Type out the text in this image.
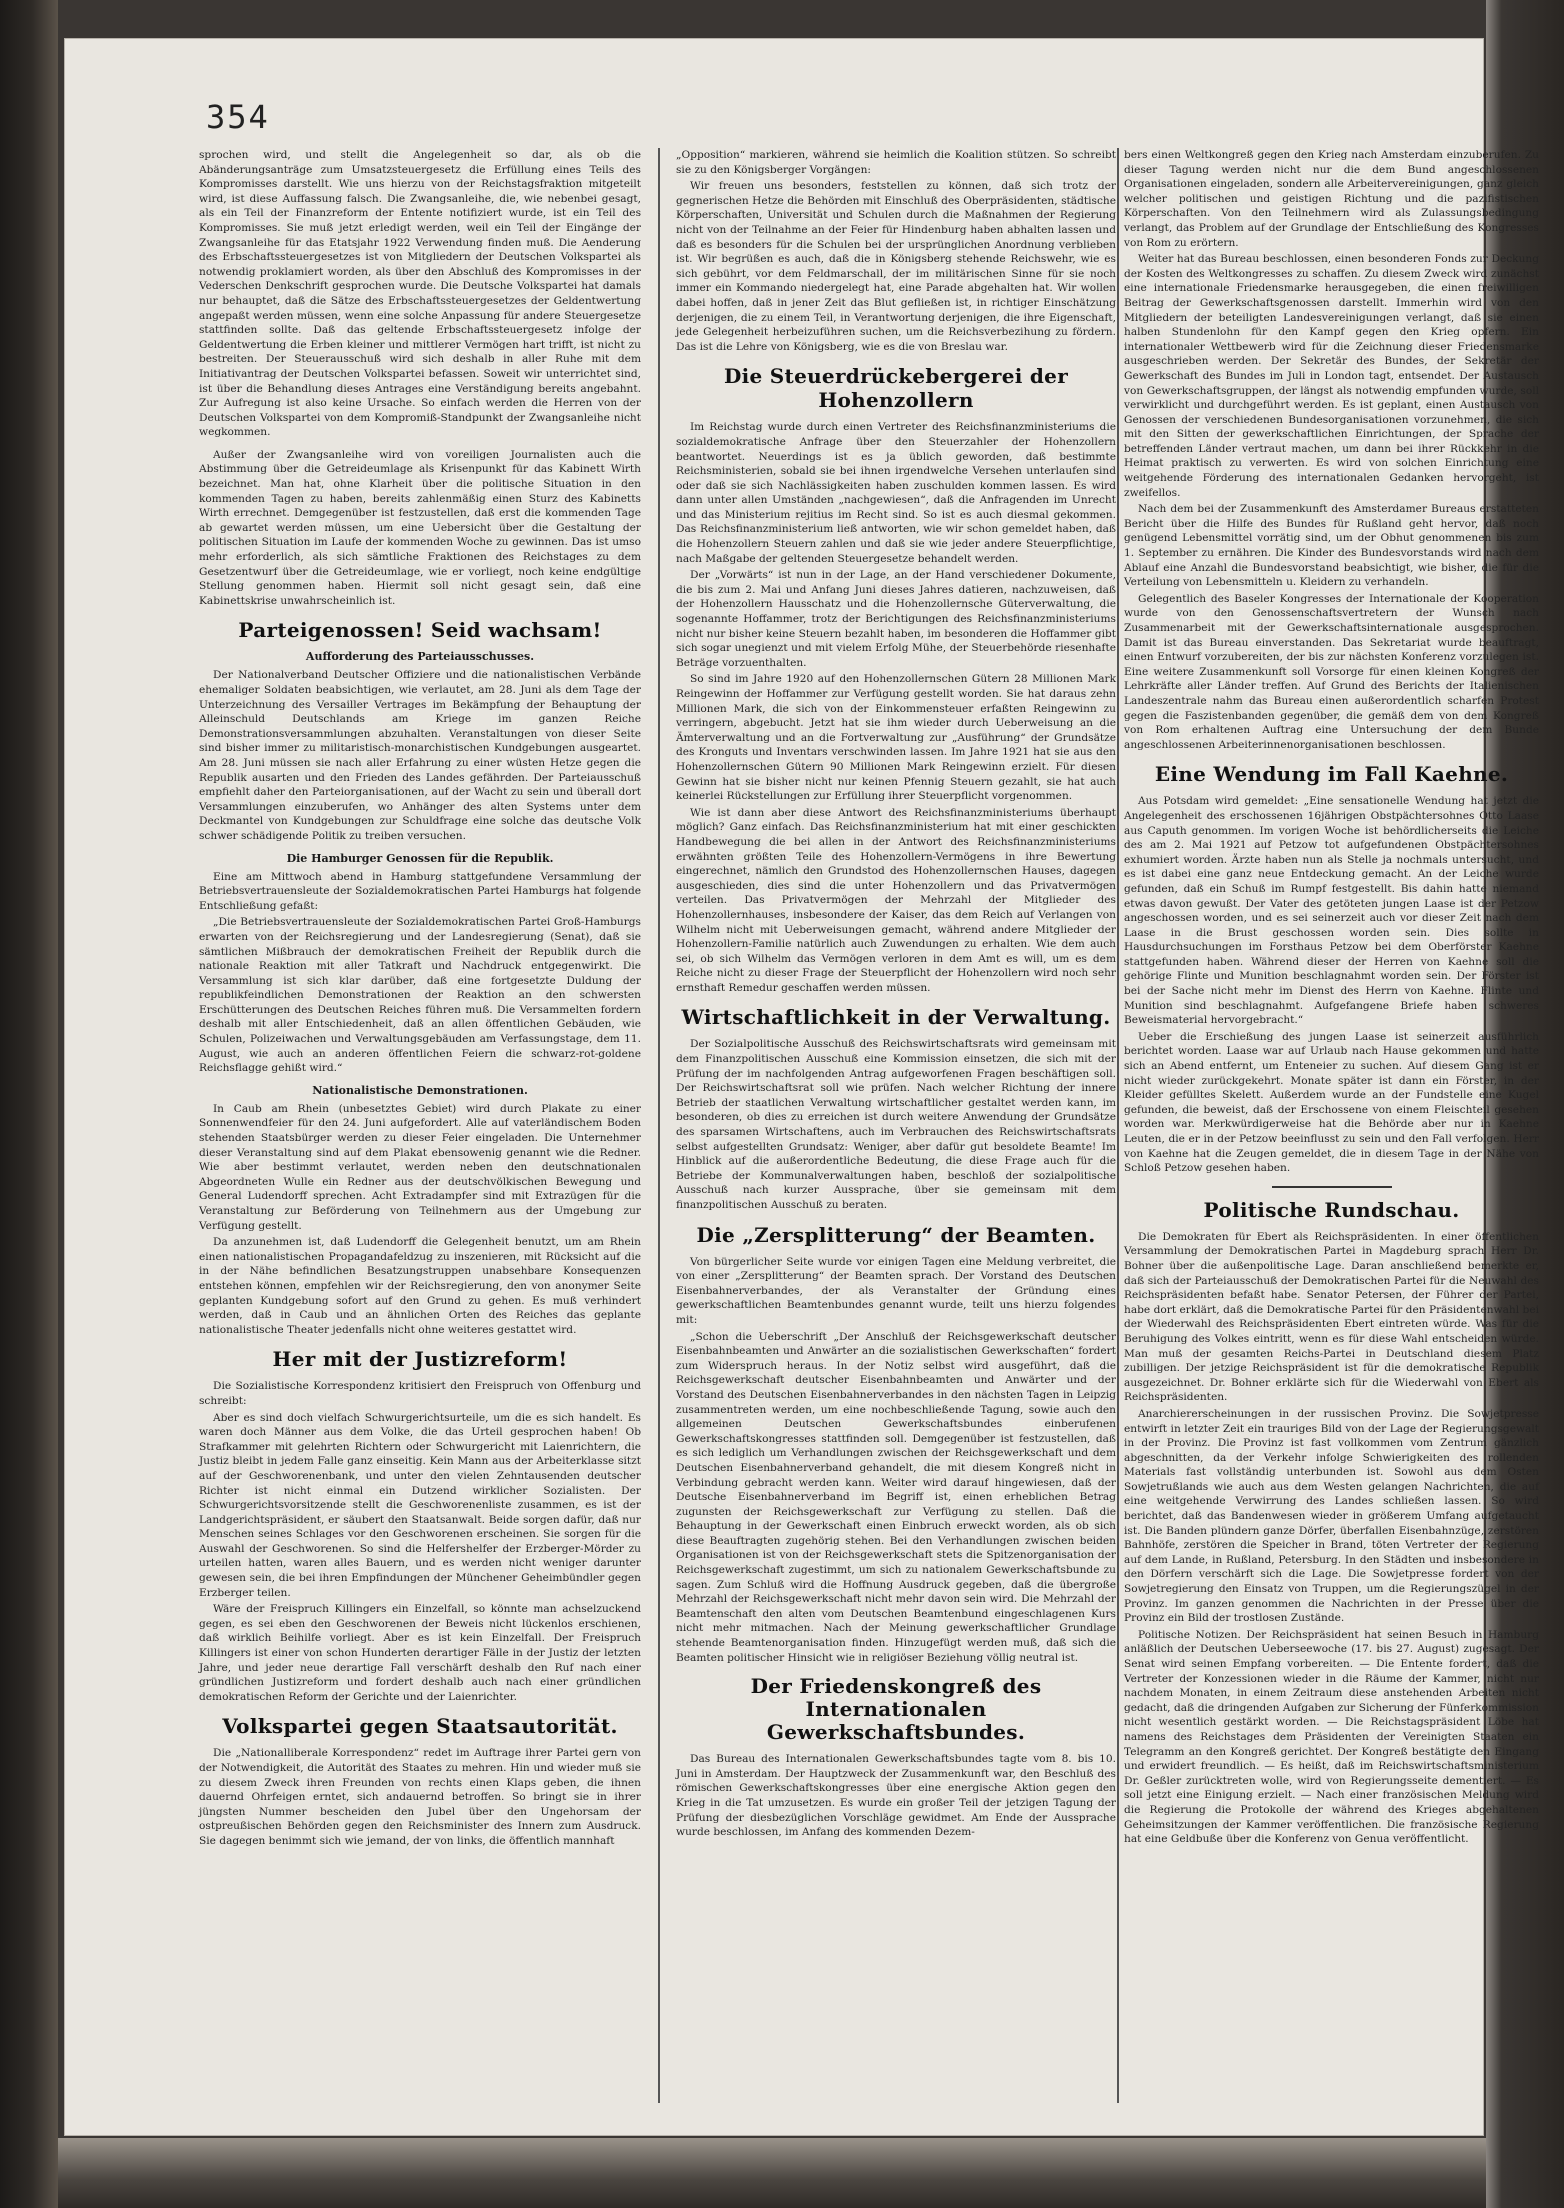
354

sprochen wird, und stellt die Angelegenheit so dar, als ob die Abänderungsanträge zum Umsatzsteuergesetz die Erfüllung eines Teils des Kompromisses darstellt. Wie uns hierzu von der Reichstagsfraktion mitgeteilt wird, ist diese Auffassung falsch. Die Zwangsanleihe, die, wie nebenbei gesagt, als ein Teil der Finanzreform der Entente notifiziert wurde, ist ein Teil des Kompromisses. Sie muß jetzt erledigt werden, weil ein Teil der Eingänge der Zwangsanleihe für das Etatsjahr 1922 Verwendung finden muß. Die Aenderung des Erbschaftssteuergesetzes ist von Mitgliedern der Deutschen Volkspartei als notwendig proklamiert worden, als über den Abschluß des Kompromisses in der Vederschen Denkschrift gesprochen wurde. Die Deutsche Volkspartei hat damals nur behauptet, daß die Sätze des Erbschaftssteuergesetzes der Geldentwertung angepaßt werden müssen, wenn eine solche Anpassung für andere Steuergesetze stattfinden sollte. Daß das geltende Erbschaftssteuergesetz infolge der Geldentwertung die Erben kleiner und mittlerer Vermögen hart trifft, ist nicht zu bestreiten. Der Steuerausschuß wird sich deshalb in aller Ruhe mit dem Initiativantrag der Deutschen Volkspartei befassen. Soweit wir unterrichtet sind, ist über die Behandlung dieses Antrages eine Verständigung bereits angebahnt. Zur Aufregung ist also keine Ursache. So einfach werden die Herren von der Deutschen Volkspartei von dem Kompromiß-Standpunkt der Zwangsanleihe nicht wegkommen.

Außer der Zwangsanleihe wird von voreiligen Journalisten auch die Abstimmung über die Getreideumlage als Krisenpunkt für das Kabinett Wirth bezeichnet. Man hat, ohne Klarheit über die politische Situation in den kommenden Tagen zu haben, bereits zahlenmäßig einen Sturz des Kabinetts Wirth errechnet. Demgegenüber ist festzustellen, daß erst die kommenden Tage ab gewartet werden müssen, um eine Uebersicht über die Gestaltung der politischen Situation im Laufe der kommenden Woche zu gewinnen. Das ist umso mehr erforderlich, als sich sämtliche Fraktionen des Reichstages zu dem Gesetzentwurf über die Getreideumlage, wie er vorliegt, noch keine endgültige Stellung genommen haben. Hiermit soll nicht gesagt sein, daß eine Kabinettskrise unwahrscheinlich ist.

Parteigenossen! Seid wachsam!
Aufforderung des Parteiausschusses.

Der Nationalverband Deutscher Offiziere und die nationalistischen Verbände ehemaliger Soldaten beabsichtigen, wie verlautet, am 28. Juni als dem Tage der Unterzeichnung des Versailler Vertrages im Bekämpfung der Behauptung der Alleinschuld Deutschlands am Kriege im ganzen Reiche Demonstrationsversammlungen abzuhalten. Veranstaltungen von dieser Seite sind bisher immer zu militaristisch-monarchistischen Kundgebungen ausgeartet. Am 28. Juni müssen sie nach aller Erfahrung zu einer wüsten Hetze gegen die Republik ausarten und den Frieden des Landes gefährden. Der Parteiausschuß empfiehlt daher den Parteiorganisationen, auf der Wacht zu sein und überall dort Versammlungen einzuberufen, wo Anhänger des alten Systems unter dem Deckmantel von Kundgebungen zur Schuldfrage eine solche das deutsche Volk schwer schädigende Politik zu treiben versuchen.

Die Hamburger Genossen für die Republik.

Eine am Mittwoch abend in Hamburg stattgefundene Versammlung der Betriebsvertrauensleute der Sozialdemokratischen Partei Hamburgs hat folgende Entschließung gefaßt:

„Die Betriebsvertrauensleute der Sozialdemokratischen Partei Groß-Hamburgs erwarten von der Reichsregierung und der Landesregierung (Senat), daß sie sämtlichen Mißbrauch der demokratischen Freiheit der Republik durch die nationale Reaktion mit aller Tatkraft und Nachdruck entgegenwirkt. Die Versammlung ist sich klar darüber, daß eine fortgesetzte Duldung der republikfeindlichen Demonstrationen der Reaktion an den schwersten Erschütterungen des Deutschen Reiches führen muß. Die Versammelten fordern deshalb mit aller Entschiedenheit, daß an allen öffentlichen Gebäuden, wie Schulen, Polizeiwachen und Verwaltungsgebäuden am Verfassungstage, dem 11. August, wie auch an anderen öffentlichen Feiern die schwarz-rot-goldene Reichsflagge gehißt wird.“

Nationalistische Demonstrationen.

In Caub am Rhein (unbesetztes Gebiet) wird durch Plakate zu einer Sonnenwendfeier für den 24. Juni aufgefordert. Alle auf vaterländischem Boden stehenden Staatsbürger werden zu dieser Feier eingeladen. Die Unternehmer dieser Veranstaltung sind auf dem Plakat ebensowenig genannt wie die Redner. Wie aber bestimmt verlautet, werden neben den deutschnationalen Abgeordneten Wulle ein Redner aus der deutschvölkischen Bewegung und General Ludendorff sprechen. Acht Extradampfer sind mit Extrazügen für die Veranstaltung zur Beförderung von Teilnehmern aus der Umgebung zur Verfügung gestellt.

Da anzunehmen ist, daß Ludendorff die Gelegenheit benutzt, um am Rhein einen nationalistischen Propagandafeldzug zu inszenieren, mit Rücksicht auf die in der Nähe befindlichen Besatzungstruppen unabsehbare Konsequenzen entstehen können, empfehlen wir der Reichsregierung, den von anonymer Seite geplanten Kundgebung sofort auf den Grund zu gehen. Es muß verhindert werden, daß in Caub und an ähnlichen Orten des Reiches das geplante nationalistische Theater jedenfalls nicht ohne weiteres gestattet wird.

Her mit der Justizreform!

Die Sozialistische Korrespondenz kritisiert den Freispruch von Offenburg und schreibt:

Aber es sind doch vielfach Schwurgerichtsurteile, um die es sich handelt. Es waren doch Männer aus dem Volke, die das Urteil gesprochen haben! Ob Strafkammer mit gelehrten Richtern oder Schwurgericht mit Laienrichtern, die Justiz bleibt in jedem Falle ganz einseitig. Kein Mann aus der Arbeiterklasse sitzt auf der Geschworenenbank, und unter den vielen Zehntausenden deutscher Richter ist nicht einmal ein Dutzend wirklicher Sozialisten. Der Schwurgerichtsvorsitzende stellt die Geschworenenliste zusammen, es ist der Landgerichtspräsident, er säubert den Staatsanwalt. Beide sorgen dafür, daß nur Menschen seines Schlages vor den Geschworenen erscheinen. Sie sorgen für die Auswahl der Geschworenen. So sind die Helfershelfer der Erzberger-Mörder zu urteilen hatten, waren alles Bauern, und es werden nicht weniger darunter gewesen sein, die bei ihren Empfindungen der Münchener Geheimbündler gegen Erzberger teilen.

Wäre der Freispruch Killingers ein Einzelfall, so könnte man achselzuckend gegen, es sei eben den Geschworenen der Beweis nicht lückenlos erschienen, daß wirklich Beihilfe vorliegt. Aber es ist kein Einzelfall. Der Freispruch Killingers ist einer von schon Hunderten derartiger Fälle in der Justiz der letzten Jahre, und jeder neue derartige Fall verschärft deshalb den Ruf nach einer gründlichen Justizreform und fordert deshalb auch nach einer gründlichen demokratischen Reform der Gerichte und der Laienrichter.

Volkspartei gegen Staatsautorität.

Die „Nationalliberale Korrespondenz“ redet im Auftrage ihrer Partei gern von der Notwendigkeit, die Autorität des Staates zu mehren. Hin und wieder muß sie zu diesem Zweck ihren Freunden von rechts einen Klaps geben, die ihnen dauernd Ohrfeigen erntet, sich andauernd betroffen. So bringt sie in ihrer jüngsten Nummer bescheiden den Jubel über den Ungehorsam der ostpreußischen Behörden gegen den Reichsminister des Innern zum Ausdruck. Sie dagegen benimmt sich wie jemand, der von links, die öffentlich mannhaft

„Opposition“ markieren, während sie heimlich die Koalition stützen. So schreibt sie zu den Königsberger Vorgängen:

Wir freuen uns besonders, feststellen zu können, daß sich trotz der gegnerischen Hetze die Behörden mit Einschluß des Oberpräsidenten, städtische Körperschaften, Universität und Schulen durch die Maßnahmen der Regierung nicht von der Teilnahme an der Feier für Hindenburg haben abhalten lassen und daß es besonders für die Schulen bei der ursprünglichen Anordnung verblieben ist. Wir begrüßen es auch, daß die in Königsberg stehende Reichswehr, wie es sich gebührt, vor dem Feldmarschall, der im militärischen Sinne für sie noch immer ein Kommando niedergelegt hat, eine Parade abgehalten hat. Wir wollen dabei hoffen, daß in jener Zeit das Blut gefließen ist, in richtiger Einschätzung derjenigen, die zu einem Teil, in Verantwortung derjenigen, die ihre Eigenschaft, jede Gelegenheit herbeizuführen suchen, um die Reichsverbezihung zu fördern. Das ist die Lehre von Königsberg, wie es die von Breslau war.

Die Steuerdrückebergerei der Hohenzollern

Im Reichstag wurde durch einen Vertreter des Reichsfinanzministeriums die sozialdemokratische Anfrage über den Steuerzahler der Hohenzollern beantwortet. Neuerdings ist es ja üblich geworden, daß bestimmte Reichsministerien, sobald sie bei ihnen irgendwelche Versehen unterlaufen sind oder daß sie sich Nachlässigkeiten haben zuschulden kommen lassen. Es wird dann unter allen Umständen „nachgewiesen“, daß die Anfragenden im Unrecht und das Ministerium rejitius im Recht sind. So ist es auch diesmal gekommen. Das Reichsfinanzministerium ließ antworten, wie wir schon gemeldet haben, daß die Hohenzollern Steuern zahlen und daß sie wie jeder andere Steuerpflichtige, nach Maßgabe der geltenden Steuergesetze behandelt werden.

Der „Vorwärts“ ist nun in der Lage, an der Hand verschiedener Dokumente, die bis zum 2. Mai und Anfang Juni dieses Jahres datieren, nachzuweisen, daß der Hohenzollern Hausschatz und die Hohenzollernsche Güterverwaltung, die sogenannte Hoffammer, trotz der Berichtigungen des Reichsfinanzministeriums nicht nur bisher keine Steuern bezahlt haben, im besonderen die Hoffammer gibt sich sogar unegienzt und mit vielem Erfolg Mühe, der Steuerbehörde riesenhafte Beträge vorzuenthalten.

So sind im Jahre 1920 auf den Hohenzollernschen Gütern 28 Millionen Mark Reingewinn der Hoffammer zur Verfügung gestellt worden. Sie hat daraus zehn Millionen Mark, die sich von der Einkommensteuer erfaßten Reingewinn zu verringern, abgebucht. Jetzt hat sie ihm wieder durch Ueberweisung an die Ämterverwaltung und an die Fortverwaltung zur „Ausführung“ der Grundsätze des Kronguts und Inventars verschwinden lassen. Im Jahre 1921 hat sie aus den Hohenzollernschen Gütern 90 Millionen Mark Reingewinn erzielt. Für diesen Gewinn hat sie bisher nicht nur keinen Pfennig Steuern gezahlt, sie hat auch keinerlei Rückstellungen zur Erfüllung ihrer Steuerpflicht vorgenommen.

Wie ist dann aber diese Antwort des Reichsfinanzministeriums überhaupt möglich? Ganz einfach. Das Reichsfinanzministerium hat mit einer geschickten Handbewegung die bei allen in der Antwort des Reichsfinanzministeriums erwähnten größten Teile des Hohenzollern-Vermögens in ihre Bewertung eingerechnet, nämlich den Grundstod des Hohenzollernschen Hauses, dagegen ausgeschieden, dies sind die unter Hohenzollern und das Privatvermögen verteilen. Das Privatvermögen der Mehrzahl der Mitglieder des Hohenzollernhauses, insbesondere der Kaiser, das dem Reich auf Verlangen von Wilhelm nicht mit Ueberweisungen gemacht, während andere Mitglieder der Hohenzollern-Familie natürlich auch Zuwendungen zu erhalten. Wie dem auch sei, ob sich Wilhelm das Vermögen verloren in dem Amt es will, um es dem Reiche nicht zu dieser Frage der Steuerpflicht der Hohenzollern wird noch sehr ernsthaft Remedur geschaffen werden müssen.

Wirtschaftlichkeit in der Verwaltung.

Der Sozialpolitische Ausschuß des Reichswirtschaftsrats wird gemeinsam mit dem Finanzpolitischen Ausschuß eine Kommission einsetzen, die sich mit der Prüfung der im nachfolgenden Antrag aufgeworfenen Fragen beschäftigen soll. Der Reichswirtschaftsrat soll wie prüfen. Nach welcher Richtung der innere Betrieb der staatlichen Verwaltung wirtschaftlicher gestaltet werden kann, im besonderen, ob dies zu erreichen ist durch weitere Anwendung der Grundsätze des sparsamen Wirtschaftens, auch im Verbrauchen des Reichswirtschaftsrats selbst aufgestellten Grundsatz: Weniger, aber dafür gut besoldete Beamte! Im Hinblick auf die außerordentliche Bedeutung, die diese Frage auch für die Betriebe der Kommunalverwaltungen haben, beschloß der sozialpolitische Ausschuß nach kurzer Aussprache, über sie gemeinsam mit dem finanzpolitischen Ausschuß zu beraten.

Die „Zersplitterung“ der Beamten.

Von bürgerlicher Seite wurde vor einigen Tagen eine Meldung verbreitet, die von einer „Zersplitterung“ der Beamten sprach. Der Vorstand des Deutschen Eisenbahnerverbandes, der als Veranstalter der Gründung eines gewerkschaftlichen Beamtenbundes genannt wurde, teilt uns hierzu folgendes mit:

„Schon die Ueberschrift „Der Anschluß der Reichsgewerkschaft deutscher Eisenbahnbeamten und Anwärter an die sozialistischen Gewerkschaften“ fordert zum Widerspruch heraus. In der Notiz selbst wird ausgeführt, daß die Reichsgewerkschaft deutscher Eisenbahnbeamten und Anwärter und der Vorstand des Deutschen Eisenbahnerverbandes in den nächsten Tagen in Leipzig zusammentreten werden, um eine nochbeschließende Tagung, sowie auch den allgemeinen Deutschen Gewerkschaftsbundes einberufenen Gewerkschaftskongresses stattfinden soll. Demgegenüber ist festzustellen, daß es sich lediglich um Verhandlungen zwischen der Reichsgewerkschaft und dem Deutschen Eisenbahnerverband gehandelt, die mit diesem Kongreß nicht in Verbindung gebracht werden kann. Weiter wird darauf hingewiesen, daß der Deutsche Eisenbahnerverband im Begriff ist, einen erheblichen Betrag zugunsten der Reichsgewerkschaft zur Verfügung zu stellen. Daß die Behauptung in der Gewerkschaft einen Einbruch erweckt worden, als ob sich diese Beauftragten zugehörig stehen. Bei den Verhandlungen zwischen beiden Organisationen ist von der Reichsgewerkschaft stets die Spitzenorganisation der Reichsgewerkschaft zugestimmt, um sich zu nationalem Gewerkschaftsbunde zu sagen. Zum Schluß wird die Hoffnung Ausdruck gegeben, daß die übergroße Mehrzahl der Reichsgewerkschaft nicht mehr davon sein wird. Die Mehrzahl der Beamtenschaft den alten vom Deutschen Beamtenbund eingeschlagenen Kurs nicht mehr mitmachen. Nach der Meinung gewerkschaftlicher Grundlage stehende Beamtenorganisation finden. Hinzugefügt werden muß, daß sich die Beamten politischer Hinsicht wie in religiöser Beziehung völlig neutral ist.

Der Friedenskongreß des Internationalen Gewerkschaftsbundes.

Das Bureau des Internationalen Gewerkschaftsbundes tagte vom 8. bis 10. Juni in Amsterdam. Der Hauptzweck der Zusammenkunft war, den Beschluß des römischen Gewerkschaftskongresses über eine energische Aktion gegen den Krieg in die Tat umzusetzen. Es wurde ein großer Teil der jetzigen Tagung der Prüfung der diesbezüglichen Vorschläge gewidmet. Am Ende der Aussprache wurde beschlossen, im Anfang des kommenden Dezem-

bers einen Weltkongreß gegen den Krieg nach Amsterdam einzuberufen. Zu dieser Tagung werden nicht nur die dem Bund angeschlossenen Organisationen eingeladen, sondern alle Arbeitervereinigungen, ganz gleich welcher politischen und geistigen Richtung und die pazifistischen Körperschaften. Von den Teilnehmern wird als Zulassungsbedingung verlangt, das Problem auf der Grundlage der Entschließung des Kongresses von Rom zu erörtern.

Weiter hat das Bureau beschlossen, einen besonderen Fonds zur Deckung der Kosten des Weltkongresses zu schaffen. Zu diesem Zweck wird zunächst eine internationale Friedensmarke herausgegeben, die einen freiwilligen Beitrag der Gewerkschaftsgenossen darstellt. Immerhin wird von den Mitgliedern der beteiligten Landesvereinigungen verlangt, daß sie einen halben Stundenlohn für den Kampf gegen den Krieg opfern. Ein internationaler Wettbewerb wird für die Zeichnung dieser Friedensmarke ausgeschrieben werden. Der Sekretär des Bundes, der Sekretär der Gewerkschaft des Bundes im Juli in London tagt, entsendet. Der Austausch von Gewerkschaftsgruppen, der längst als notwendig empfunden wurde, soll verwirklicht und durchgeführt werden. Es ist geplant, einen Austausch von Genossen der verschiedenen Bundesorganisationen vorzunehmen, die sich mit den Sitten der gewerkschaftlichen Einrichtungen, der Sprache der betreffenden Länder vertraut machen, um dann bei ihrer Rückkehr in die Heimat praktisch zu verwerten. Es wird von solchen Einrichtung eine weitgehende Förderung des internationalen Gedanken hervorgeht, ist zweifellos.

Nach dem bei der Zusammenkunft des Amsterdamer Bureaus erstatteten Bericht über die Hilfe des Bundes für Rußland geht hervor, daß noch genügend Lebensmittel vorrätig sind, um der Obhut genommenen bis zum 1. September zu ernähren. Die Kinder des Bundesvorstands wird nach dem Ablauf eine Anzahl die Bundesvorstand beabsichtigt, wie bisher, die für die Verteilung von Lebensmitteln u. Kleidern zu verhandeln.

Gelegentlich des Baseler Kongresses der Internationale der Kooperation wurde von den Genossenschaftsvertretern der Wunsch nach Zusammenarbeit mit der Gewerkschaftsinternationale ausgesprochen. Damit ist das Bureau einverstanden. Das Sekretariat wurde beauftragt, einen Entwurf vorzubereiten, der bis zur nächsten Konferenz vorzulegen ist. Eine weitere Zusammenkunft soll Vorsorge für einen kleinen Kongreß der Lehrkräfte aller Länder treffen. Auf Grund des Berichts der Italienischen Landeszentrale nahm das Bureau einen außerordentlich scharfen Protest gegen die Faszistenbanden gegenüber, die gemäß dem von dem Kongreß von Rom erhaltenen Auftrag eine Untersuchung der dem Bunde angeschlossenen Arbeiterinnenorganisationen beschlossen.

Eine Wendung im Fall Kaehne.

Aus Potsdam wird gemeldet: „Eine sensationelle Wendung hat jetzt die Angelegenheit des erschossenen 16jährigen Obstpächtersohnes Otto Laase aus Caputh genommen. Im vorigen Woche ist behördlicherseits die Leiche des am 2. Mai 1921 auf Petzow tot aufgefundenen Obstpächtersohnes exhumiert worden. Ärzte haben nun als Stelle ja nochmals untersucht, und es ist dabei eine ganz neue Entdeckung gemacht. An der Leiche wurde gefunden, daß ein Schuß im Rumpf festgestellt. Bis dahin hatte niemand etwas davon gewußt. Der Vater des getöteten jungen Laase ist der Petzow angeschossen worden, und es sei seinerzeit auch vor dieser Zeit nach dem Laase in die Brust geschossen worden sein. Dies sollte in Hausdurchsuchungen im Forsthaus Petzow bei dem Oberförster Kaehne stattgefunden haben. Während dieser der Herren von Kaehne soll die gehörige Flinte und Munition beschlagnahmt worden sein. Der Förster ist bei der Sache nicht mehr im Dienst des Herrn von Kaehne. Flinte und Munition sind beschlagnahmt. Aufgefangene Briefe haben schweres Beweismaterial hervorgebracht.“

Ueber die Erschießung des jungen Laase ist seinerzeit ausführlich berichtet worden. Laase war auf Urlaub nach Hause gekommen und hatte sich an Abend entfernt, um Enteneier zu suchen. Auf diesem Gang ist er nicht wieder zurückgekehrt. Monate später ist dann ein Förster, in der Kleider gefülltes Skelett. Außerdem wurde an der Fundstelle eine Kugel gefunden, die beweist, daß der Erschossene von einem Fleischteil gesehen worden war. Merkwürdigerweise hat die Behörde aber nur in Kaehne Leuten, die er in der Petzow beeinflusst zu sein und den Fall verfolgen. Herr von Kaehne hat die Zeugen gemeldet, die in diesem Tage in der Nähe von Schloß Petzow gesehen haben.

Politische Rundschau.

Die Demokraten für Ebert als Reichspräsidenten. In einer öffentlichen Versammlung der Demokratischen Partei in Magdeburg sprach Herr Dr. Bohner über die außenpolitische Lage. Daran anschließend bemerkte er, daß sich der Parteiausschuß der Demokratischen Partei für die Neuwahl des Reichspräsidenten befaßt habe. Senator Petersen, der Führer der Partei, habe dort erklärt, daß die Demokratische Partei für den Präsidentenwahl bei der Wiederwahl des Reichspräsidenten Ebert eintreten würde. Was für die Beruhigung des Volkes eintritt, wenn es für diese Wahl entscheiden würde. Man muß der gesamten Reichs-Partei in Deutschland diesem Platz zubilligen. Der jetzige Reichspräsident ist für die demokratische Republik ausgezeichnet. Dr. Bohner erklärte sich für die Wiederwahl von Ebert als Reichspräsidenten.

Anarchiererscheinungen in der russischen Provinz. Die Sowjetpresse entwirft in letzter Zeit ein trauriges Bild von der Lage der Regierungsgewalt in der Provinz. Die Provinz ist fast vollkommen vom Zentrum gänzlich abgeschnitten, da der Verkehr infolge Schwierigkeiten des rollenden Materials fast vollständig unterbunden ist. Sowohl aus dem Osten Sowjetrußlands wie auch aus dem Westen gelangen Nachrichten, die auf eine weitgehende Verwirrung des Landes schließen lassen. So wird berichtet, daß das Bandenwesen wieder in größerem Umfang aufgetaucht ist. Die Banden plündern ganze Dörfer, überfallen Eisenbahnzüge, zerstören Bahnhöfe, zerstören die Speicher in Brand, töten Vertreter der Regierung auf dem Lande, in Rußland, Petersburg. In den Städten und insbesondere in den Dörfern verschärft sich die Lage. Die Sowjetpresse fordert von der Sowjetregierung den Einsatz von Truppen, um die Regierungszügel in der Provinz. Im ganzen genommen die Nachrichten in der Presse über die Provinz ein Bild der trostlosen Zustände.

Politische Notizen. Der Reichspräsident hat seinen Besuch in Hamburg anläßlich der Deutschen Ueberseewoche (17. bis 27. August) zugesagt. Der Senat wird seinen Empfang vorbereiten. — Die Entente fordert, daß die Vertreter der Konzessionen wieder in die Räume der Kammer, nicht nur nachdem Monaten, in einem Zeitraum diese anstehenden Arbeiten nicht gedacht, daß die dringenden Aufgaben zur Sicherung der Fünferkommission nicht wesentlich gestärkt worden. — Die Reichstagspräsident Löbe hat namens des Reichstages dem Präsidenten der Vereinigten Staaten ein Telegramm an den Kongreß gerichtet. Der Kongreß bestätigte den Eingang und erwidert freundlich. — Es heißt, daß im Reichswirtschaftsministerium Dr. Geßler zurücktreten wolle, wird von Regierungsseite dementiert. — Es soll jetzt eine Einigung erzielt. — Nach einer französischen Meldung wird die Regierung die Protokolle der während des Krieges abgehaltenen Geheimsitzungen der Kammer veröffentlichen. Die französische Regierung hat eine Geldbuße über die Konferenz von Genua veröffentlicht.
